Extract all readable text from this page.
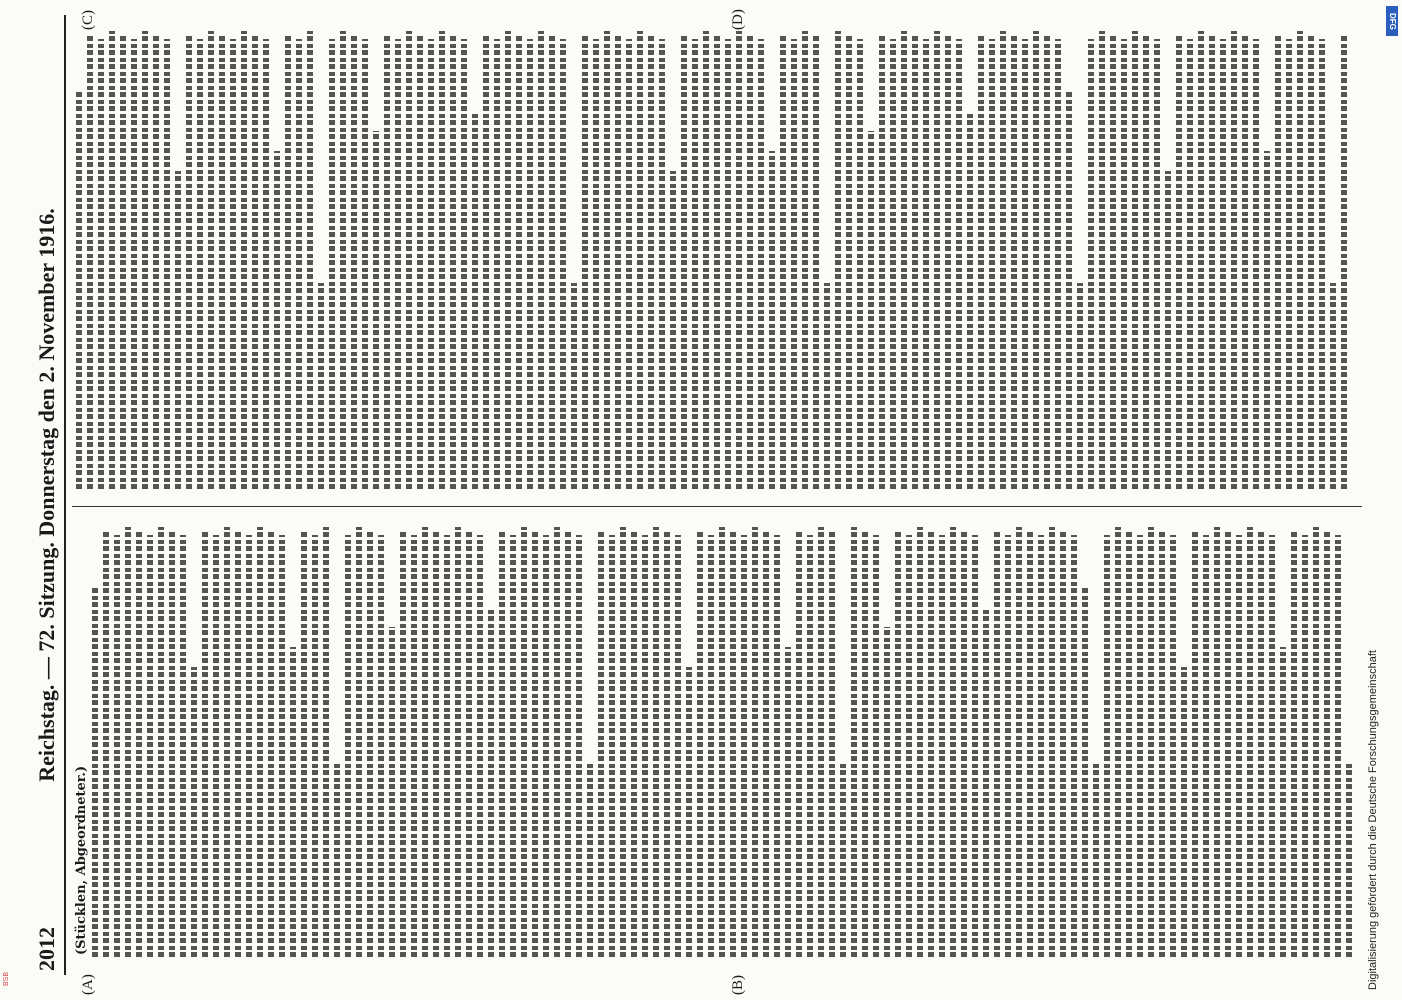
2012
Reichstag. — 72. Sitzung. Donnerstag den 2. November 1916.
(A)	(B)
(C)	(D)
(Stücklen, Abgeordneter.)	Digitalisierung gefördert durch die Deutsche Forschungsgemeinschaft
DFG
BSB
